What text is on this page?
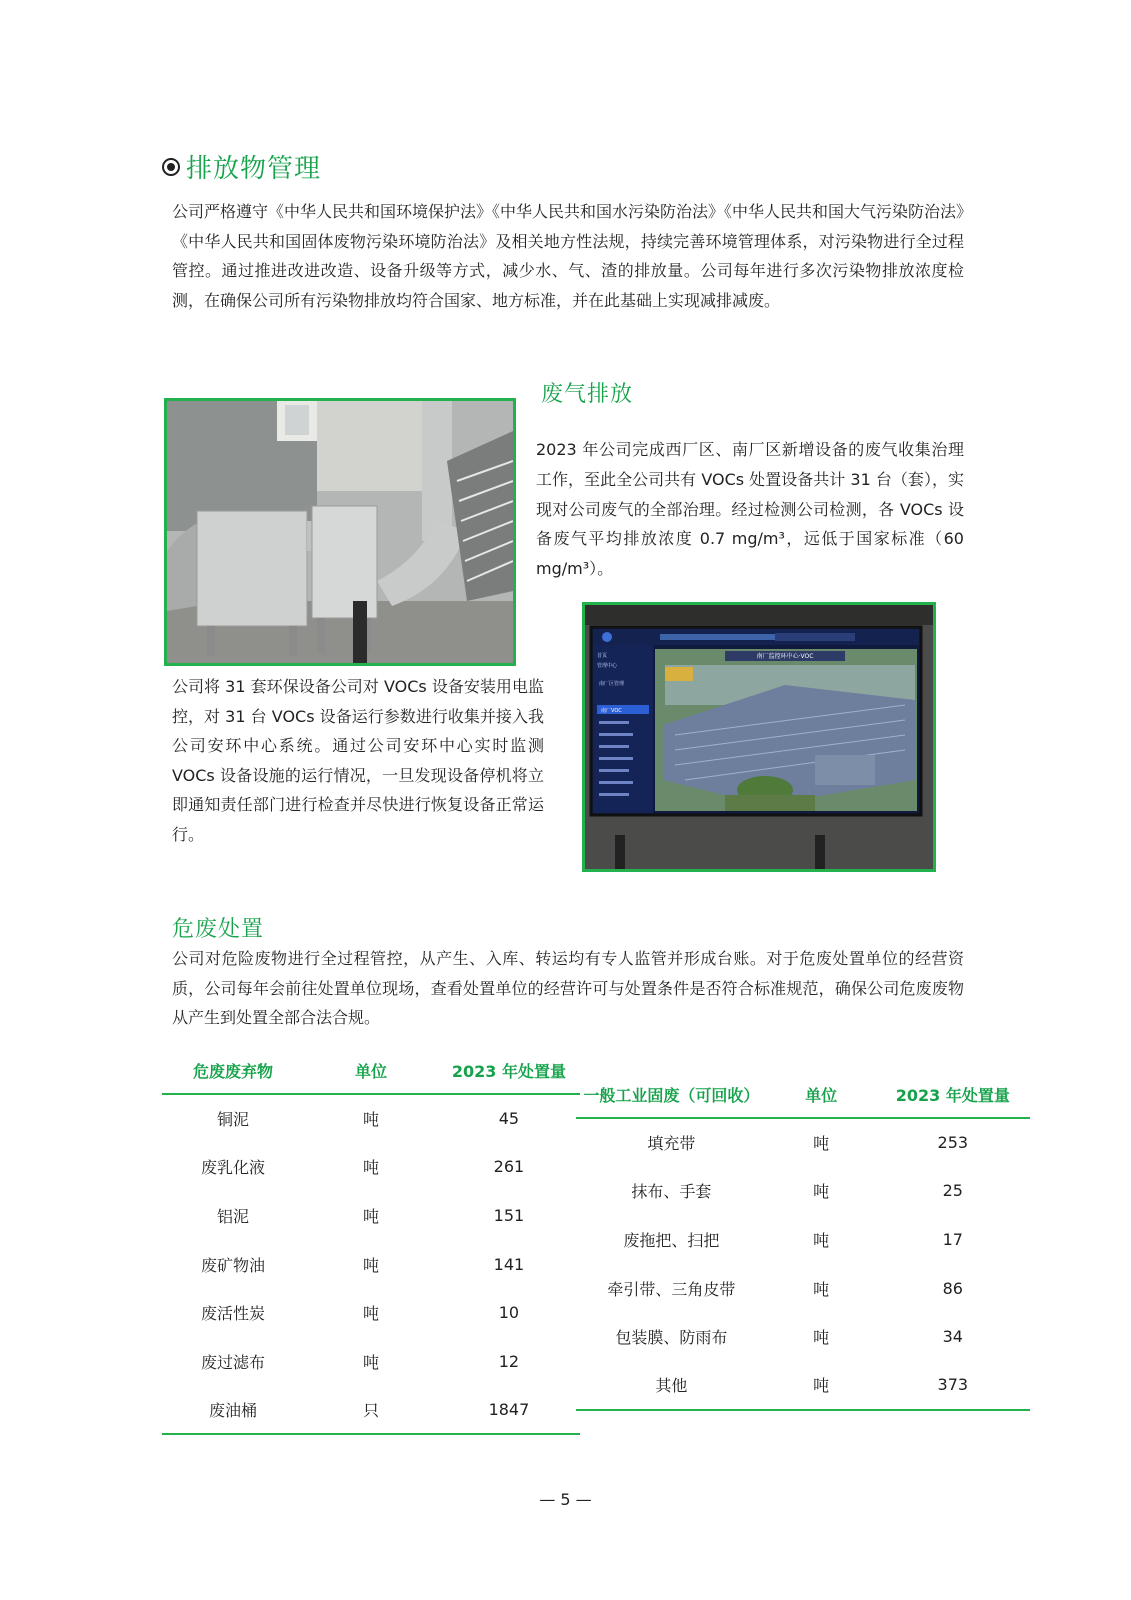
排放物管理

公司严格遵守《中华人民共和国环境保护法》《中华人民共和国水污染防治法》《中华人民共和国大气污染防治法》《中华人民共和国固体废物污染环境防治法》及相关地方性法规，持续完善环境管理体系，对污染物进行全过程管控。通过推进改进改造、设备升级等方式，减少水、气、渣的排放量。公司每年进行多次污染物排放浓度检测，在确保公司所有污染物排放均符合国家、地方标准，并在此基础上实现减排减废。

废气排放

2023 年公司完成西厂区、南厂区新增设备的废气收集治理工作，至此全公司共有 VOCs 处置设备共计 31 台（套），实现对公司废气的全部治理。经过检测公司检测，各 VOCs 设备废气平均排放浓度 0.7 mg/m³，远低于国家标准（60 mg/m³）。

公司将 31 套环保设备公司对 VOCs 设备安装用电监控，对 31 台 VOCs 设备运行参数进行收集并接入我公司安环中心系统。通过公司安环中心实时监测 VOCs 设备设施的运行情况，一旦发现设备停机将立即通知责任部门进行检查并尽快进行恢复设备正常运行。

首页
管理中心
南厂区管理
南厂VOC
南厂监控环中心·VOC
危废处置

公司对危险废物进行全过程管控，从产生、入库、转运均有专人监管并形成台账。对于危废处置单位的经营资质，公司每年会前往处置单位现场，查看处置单位的经营许可与处置条件是否符合标准规范，确保公司危废废物从产生到处置全部合法合规。

危废废弃物	单位	2023 年处置量
铜泥	吨	45
废乳化液	吨	261
铝泥	吨	151
废矿物油	吨	141
废活性炭	吨	10
废过滤布	吨	12
废油桶	只	1847
一般工业固废（可回收）	单位	2023 年处置量
填充带	吨	253
抹布、手套	吨	25
废拖把、扫把	吨	17
牵引带、三角皮带	吨	86
包装膜、防雨布	吨	34
其他	吨	373
— 5 —
